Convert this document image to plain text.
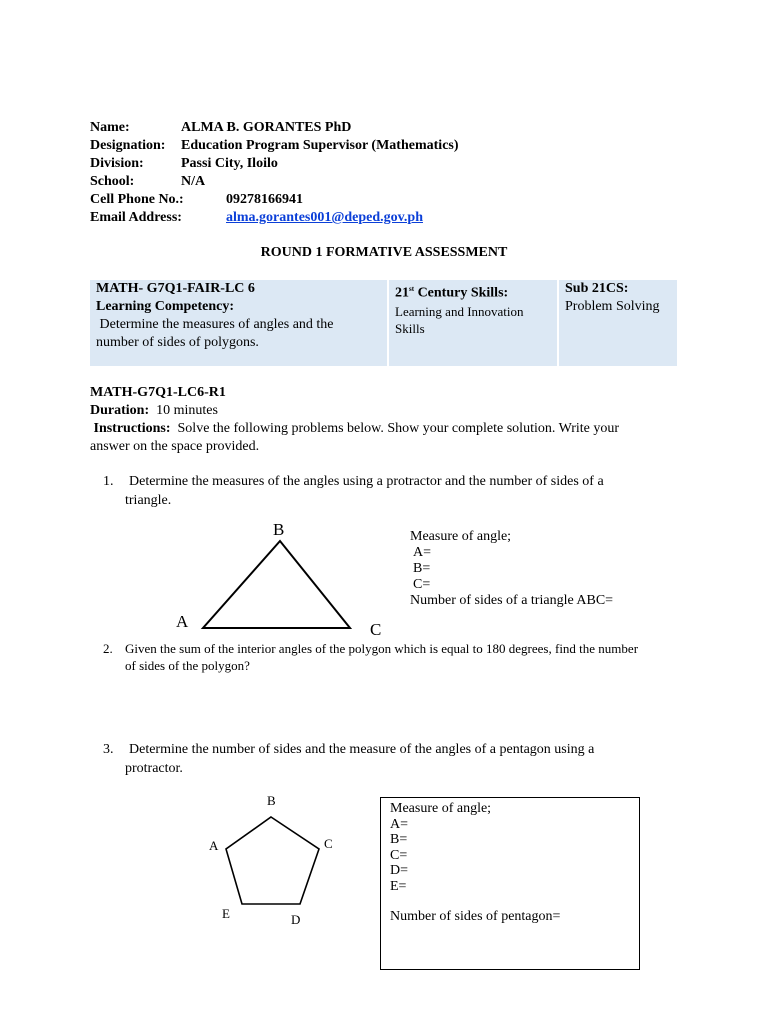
Name:	ALMA B. GORANTES PhD
Designation: Education Program Supervisor (Mathematics)
Division:	Passi City, Iloilo
School:	N/A
Cell Phone No.:	09278166941
Email Address:	alma.gorantes001@deped.gov.ph
ROUND 1 FORMATIVE ASSESSMENT
MATH- G7Q1-FAIR-LC 6
Learning Competency:
Determine the measures of angles and the
number of sides of polygons.
21st Century Skills:
Learning and Innovation
Skills
Sub 21CS:
Problem Solving
MATH-G7Q1-LC6-R1
Duration: 10 minutes
Instructions: Solve the following problems below. Show your complete solution. Write your
answer on the space provided.
1. Determine the measures of the angles using a protractor and the number of sides of a
triangle.
B
A	C
Measure of angle;
A=
B=
C=
Number of sides of a triangle ABC=
2. Given the sum of the interior angles of the polygon which is equal to 180 degrees, find the number
of sides of the polygon?
3. Determine the number of sides and the measure of the angles of a pentagon using a
protractor.
B
A	C
E	D
Measure of angle;
A=
B=
C=
D=
E=
Number of sides of pentagon=
